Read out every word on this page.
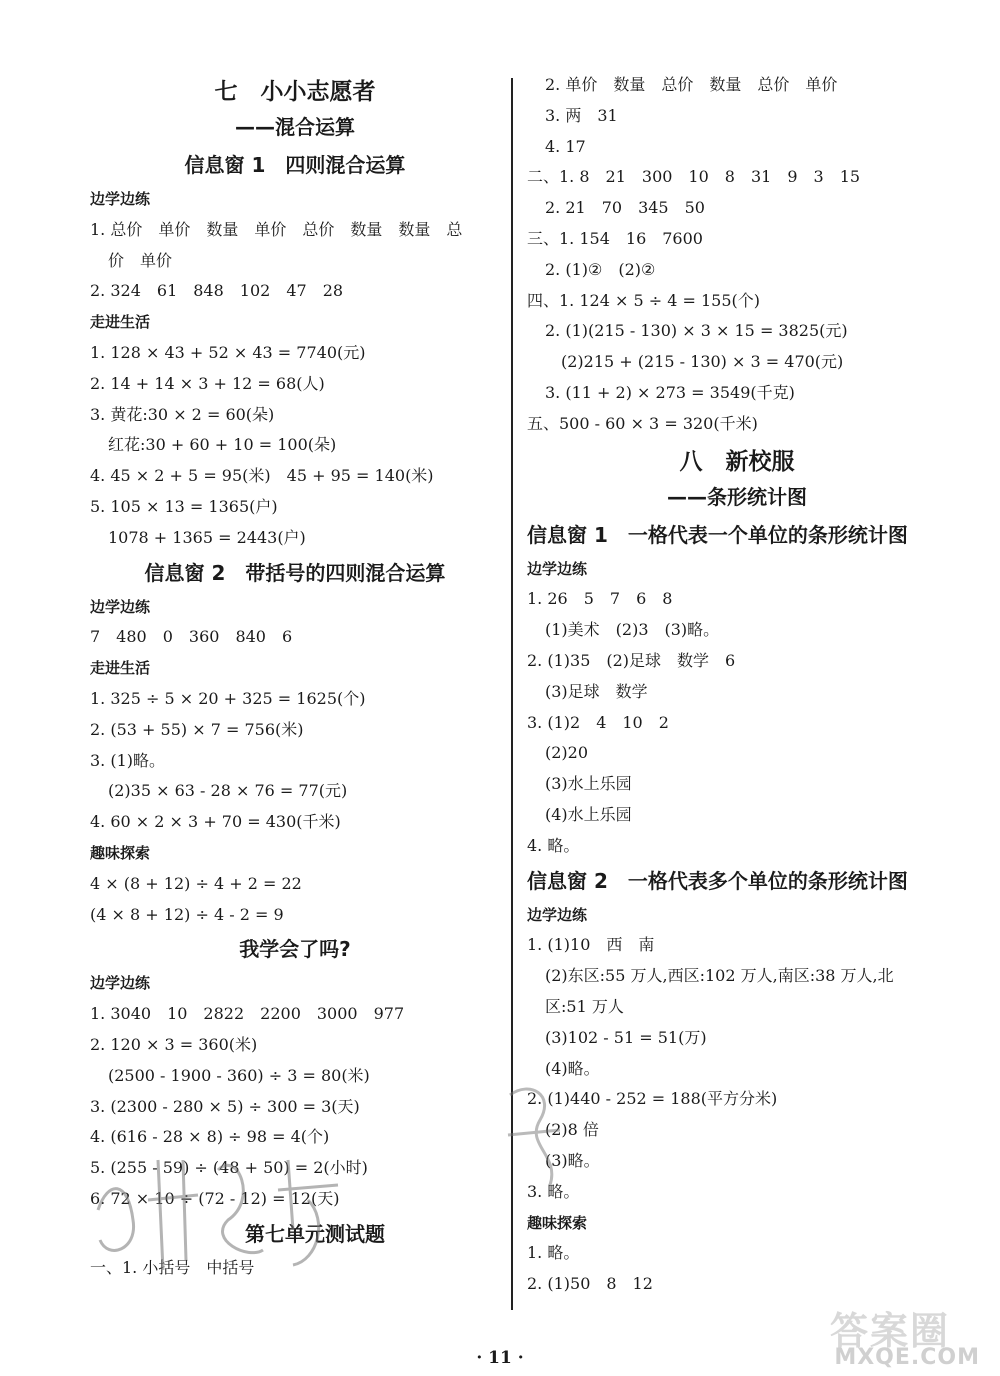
七　小小志愿者
——混合运算
信息窗 1　四则混合运算
边学边练
1. 总价　单价　数量　单价　总价　数量　数量　总
价　单价
2. 324　61　848　102　47　28
走进生活
1. 128 × 43 + 52 × 43 = 7740(元)
2. 14 + 14 × 3 + 12 = 68(人)
3. 黄花:30 × 2 = 60(朵)
红花:30 + 60 + 10 = 100(朵)
4. 45 × 2 + 5 = 95(米)　45 + 95 = 140(米)
5. 105 × 13 = 1365(户)
1078 + 1365 = 2443(户)
信息窗 2　带括号的四则混合运算
边学边练
7　480　0　360　840　6
走进生活
1. 325 ÷ 5 × 20 + 325 = 1625(个)
2. (53 + 55) × 7 = 756(米)
3. (1)略。
(2)35 × 63 - 28 × 76 = 77(元)
4. 60 × 2 × 3 + 70 = 430(千米)
趣味探索
4 × (8 + 12) ÷ 4 + 2 = 22
(4 × 8 + 12) ÷ 4 - 2 = 9
我学会了吗?
边学边练
1. 3040　10　2822　2200　3000　977
2. 120 × 3 = 360(米)
(2500 - 1900 - 360) ÷ 3 = 80(米)
3. (2300 - 280 × 5) ÷ 300 = 3(天)
4. (616 - 28 × 8) ÷ 98 = 4(个)
5. (255 - 59) ÷ (48 + 50) = 2(小时)
6. 72 × 10 ÷ (72 - 12) = 12(天)
　　第七单元测试题
一、1. 小括号　中括号
2. 单价　数量　总价　数量　总价　单价
3. 两　31
4. 17
二、1. 8　21　300　10　8　31　9　3　15
2. 21　70　345　50
三、1. 154　16　7600
2. (1)②　(2)②
四、1. 124 × 5 ÷ 4 = 155(个)
2. (1)(215 - 130) × 3 × 15 = 3825(元)
　(2)215 + (215 - 130) × 3 = 470(元)
3. (11 + 2) × 273 = 3549(千克)
五、500 - 60 × 3 = 320(千米)
八　新校服
——条形统计图
信息窗 1　一格代表一个单位的条形统计图
边学边练
1. 26　5　7　6　8
(1)美术　(2)3　(3)略。
2. (1)35　(2)足球　数学　6
(3)足球　数学
3. (1)2　4　10　2
(2)20
(3)水上乐园
(4)水上乐园
4. 略。
信息窗 2　一格代表多个单位的条形统计图
边学边练
1. (1)10　西　南
(2)东区:55 万人,西区:102 万人,南区:38 万人,北
区:51 万人
(3)102 - 51 = 51(万)
(4)略。
2. (1)440 - 252 = 188(平方分米)
(2)8 倍
(3)略。
3. 略。
趣味探索
1. 略。
2. (1)50　8　12
· 11 ·
答案圈
MXQE.COM
